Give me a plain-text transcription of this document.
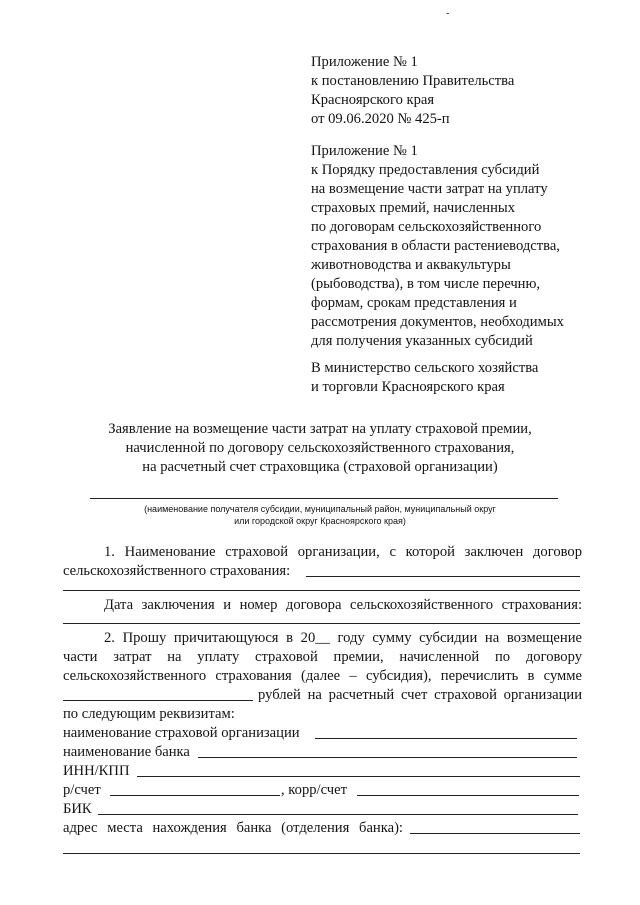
-
Приложение № 1
к постановлению Правительства
Красноярского края
от 09.06.2020 № 425-п
Приложение № 1
к Порядку предоставления субсидий
на возмещение части затрат на уплату
страховых премий, начисленных
по договорам сельскохозяйственного
страхования в области растениеводства,
животноводства и аквакультуры
(рыбоводства), в том числе перечню,
формам, срокам представления и
рассмотрения документов, необходимых
для получения указанных субсидий
В министерство сельского хозяйства
и торговли Красноярского края
Заявление на возмещение части затрат на уплату страховой премии,
начисленной по договору сельскохозяйственного страхования,
на расчетный счет страховщика (страховой организации)
(наименование получателя субсидии, муниципальный район, муниципальный округ
или городской округ Красноярского края)
1. Наименование страховой организации, с которой заключен договор
сельскохозяйственного страхования:
Дата заключения и номер договора сельскохозяйственного страхования:
2. Прошу причитающуюся в 20__ году сумму субсидии на возмещение
части затрат на уплату страховой премии, начисленной по договору
сельскохозяйственного страхования (далее – субсидия), перечислить в сумме
рублей на расчетный счет страховой организации
по следующим реквизитам:
наименование страховой организации
наименование банка
ИНН/КПП
р/счет	, корр/счет
БИК
адрес места нахождения банка (отделения банка):
